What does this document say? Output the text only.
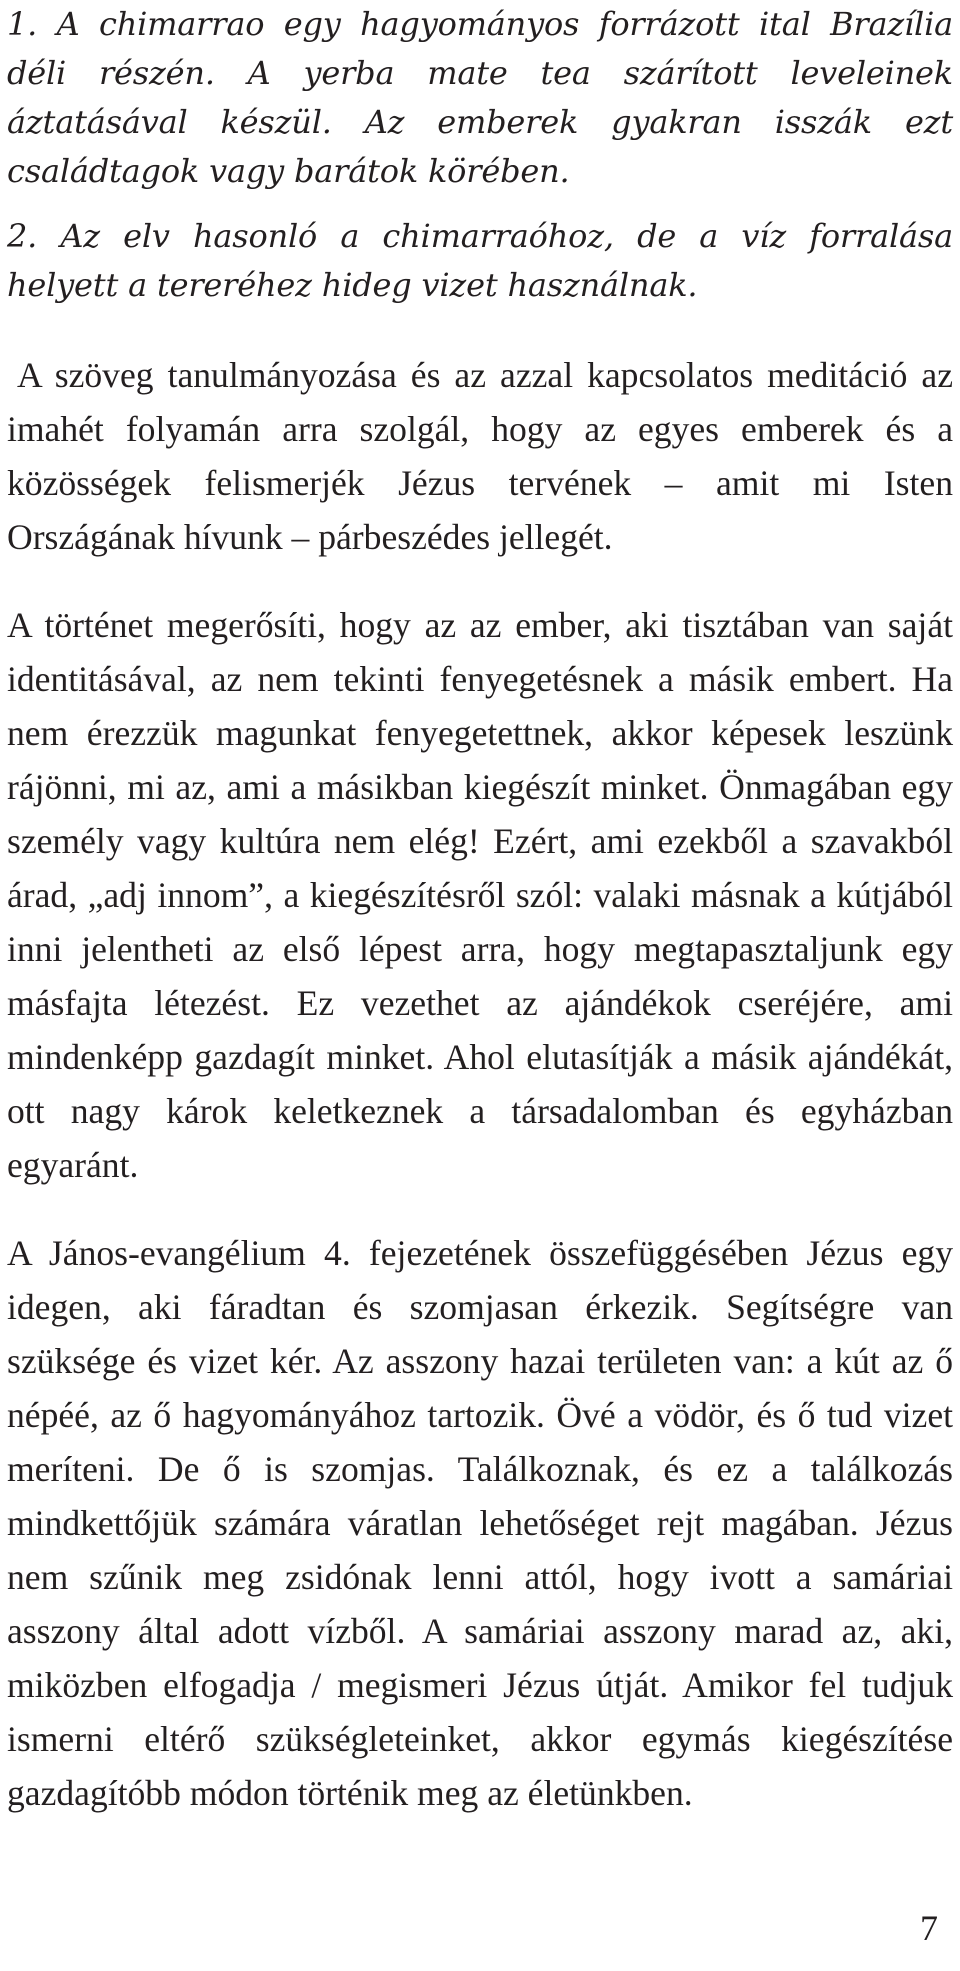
1. A chimarrao egy hagyományos forrázott ital Brazília déli részén. A yerba mate tea szárított leveleinek áztatásával készül. Az emberek gyakran isszák ezt családtagok vagy barátok körében.

2. Az elv hasonló a chimarraóhoz, de a víz forralása helyett a tereréhez hideg vizet használnak.

A szöveg tanulmányozása és az azzal kapcsolatos meditáció az imahét folyamán arra szolgál, hogy az egyes emberek és a közösségek felismerjék Jézus tervének – amit mi Isten Országának hívunk – párbeszédes jellegét.

A történet megerősíti, hogy az az ember, aki tisztában van saját identitásával, az nem tekinti fenyegetésnek a másik embert. Ha nem érezzük magunkat fenyegetettnek, akkor képesek leszünk rájönni, mi az, ami a másikban kiegészít minket. Önmagában egy személy vagy kultúra nem elég! Ezért, ami ezekből a szavakból árad, „adj innom”, a kiegészítésről szól: valaki másnak a kútjából inni jelentheti az első lépest arra, hogy megtapasztaljunk egy másfajta létezést. Ez vezethet az ajándékok cseréjére, ami mindenképp gazdagít minket. Ahol elutasítják a másik ajándékát, ott nagy károk keletkeznek a társadalomban és egyházban egyaránt.

A János-evangélium 4. fejezetének összefüggésében Jézus egy idegen, aki fáradtan és szomjasan érkezik. Segítségre van szüksége és vizet kér. Az asszony hazai területen van: a kút az ő népéé, az ő hagyományához tartozik. Övé a vödör, és ő tud vizet meríteni. De ő is szomjas. Találkoznak, és ez a találkozás mindkettőjük számára váratlan lehetőséget rejt magában. Jézus nem szűnik meg zsidónak lenni attól, hogy ivott a samáriai asszony által adott vízből. A samáriai asszony marad az, aki, miközben elfogadja / megismeri Jézus útját. Amikor fel tudjuk ismerni eltérő szükségleteinket, akkor egymás kiegészítése gazdagítóbb módon történik meg az életünkben.

7
